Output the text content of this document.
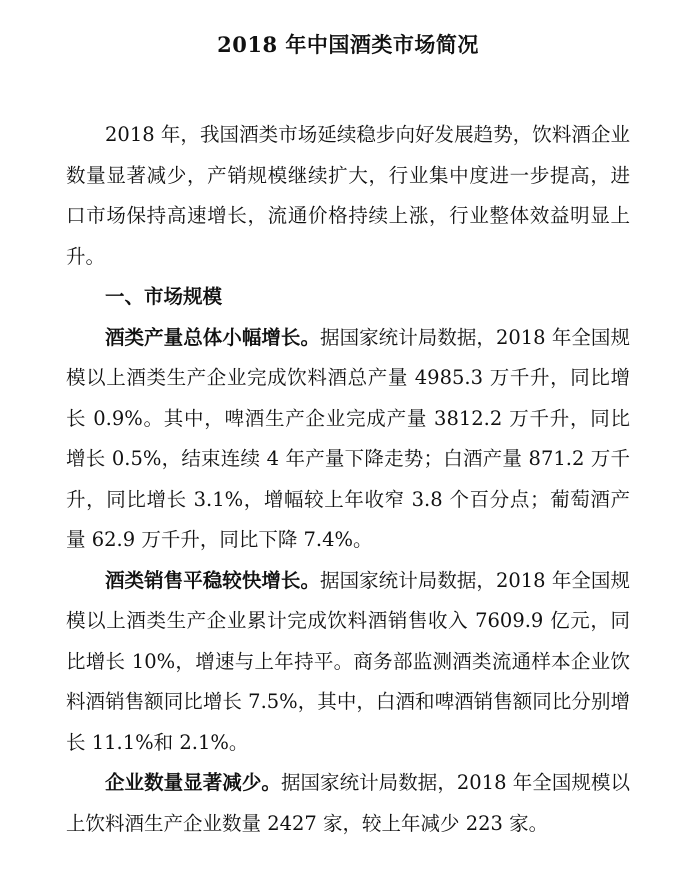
2018 年中国酒类市场简况

2018 年，我国酒类市场延续稳步向好发展趋势，饮料酒企业数量显著减少，产销规模继续扩大，行业集中度进一步提高，进口市场保持高速增长，流通价格持续上涨，行业整体效益明显上升。

一、市场规模

酒类产量总体小幅增长。据国家统计局数据，2018 年全国规模以上酒类生产企业完成饮料酒总产量 4985.3 万千升，同比增长 0.9%。其中，啤酒生产企业完成产量 3812.2 万千升，同比增长 0.5%，结束连续 4 年产量下降走势；白酒产量 871.2 万千升，同比增长 3.1%，增幅较上年收窄 3.8 个百分点；葡萄酒产量 62.9 万千升，同比下降 7.4%。

酒类销售平稳较快增长。据国家统计局数据，2018 年全国规模以上酒类生产企业累计完成饮料酒销售收入 7609.9 亿元，同比增长 10%，增速与上年持平。商务部监测酒类流通样本企业饮料酒销售额同比增长 7.5%，其中，白酒和啤酒销售额同比分别增长 11.1%和 2.1%。

企业数量显著减少。据国家统计局数据，2018 年全国规模以上饮料酒生产企业数量 2427 家，较上年减少 223 家。
